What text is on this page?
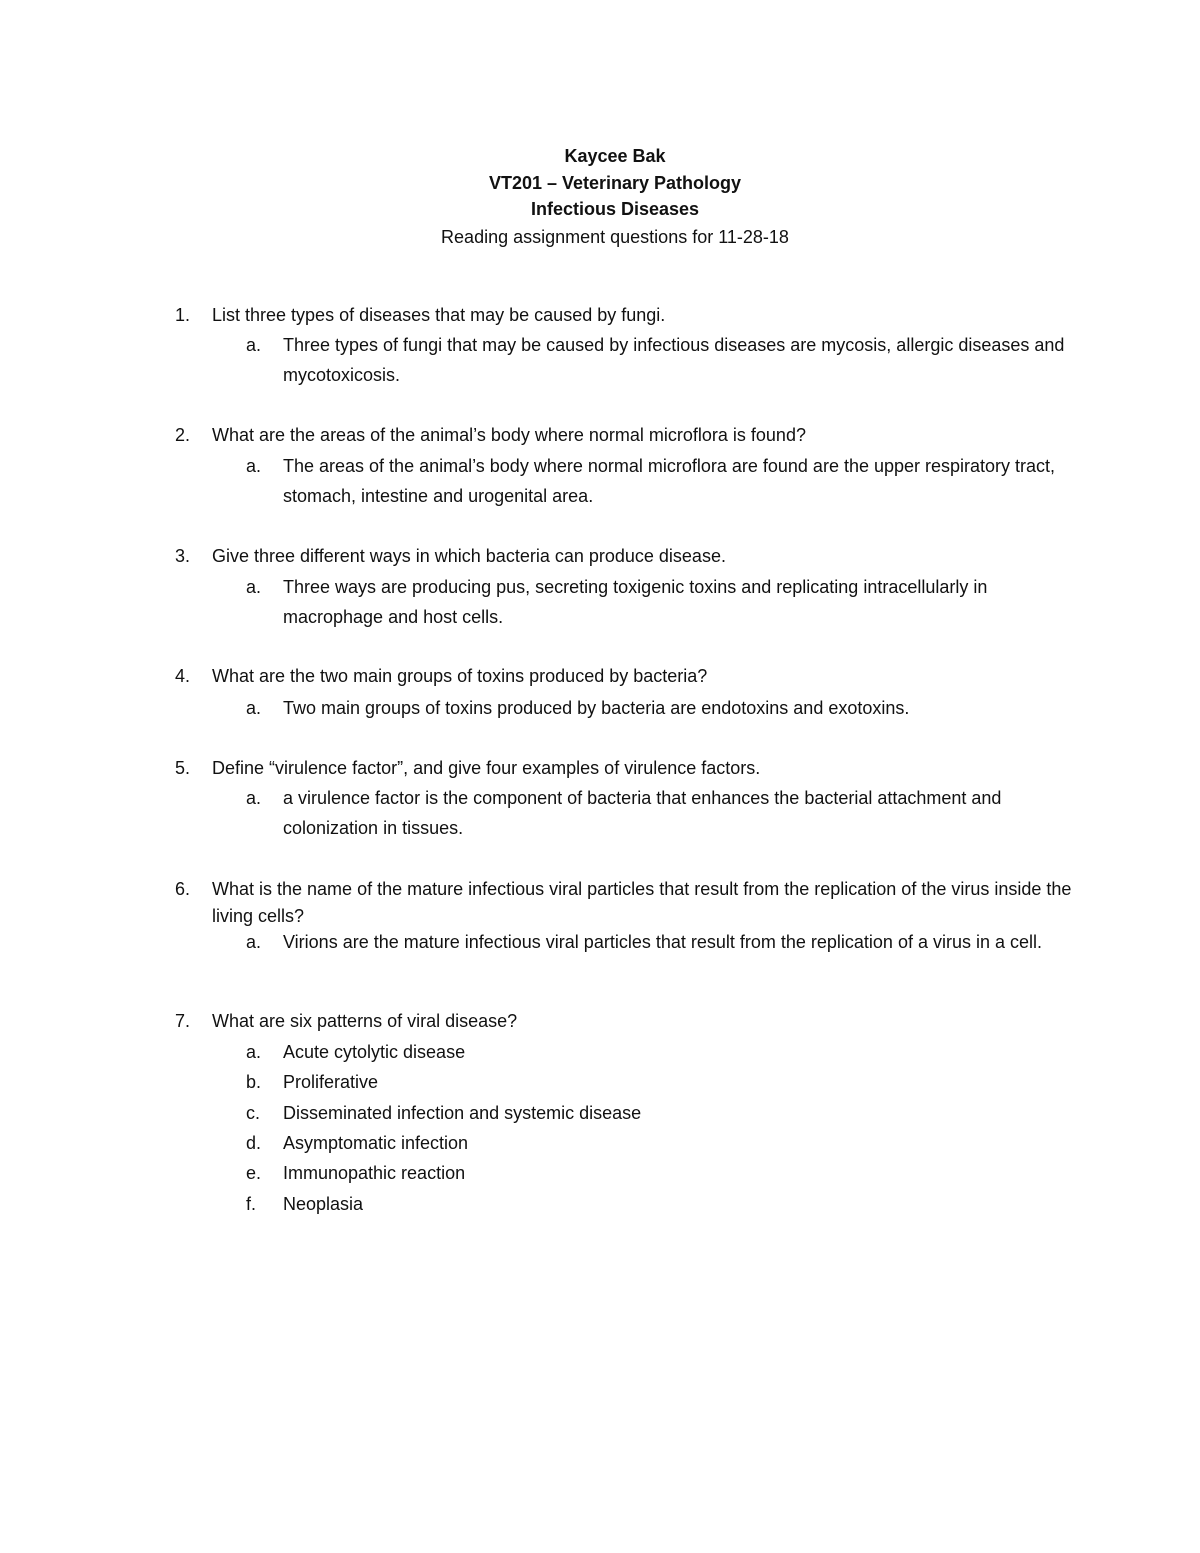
Kaycee Bak
VT201 – Veterinary Pathology
Infectious Diseases
Reading assignment questions for 11-28-18
1.	List three types of diseases that may be caused by fungi.
a.	Three types of fungi that may be caused by infectious diseases are mycosis, allergic diseases and mycotoxicosis.
2.	What are the areas of the animal’s body where normal microflora is found?
a.	The areas of the animal’s body where normal microflora are found are the upper respiratory tract, stomach, intestine and urogenital area.
3.	Give three different ways in which bacteria can produce disease.
a.	Three ways are producing pus, secreting toxigenic toxins and replicating intracellularly in macrophage and host cells.
4.	What are the two main groups of toxins produced by bacteria?
a.	Two main groups of toxins produced by bacteria are endotoxins and exotoxins.
5.	Define “virulence factor”, and give four examples of virulence factors.
a.	a virulence factor is the component of bacteria that enhances the bacterial attachment and colonization in tissues.
6.	What is the name of the mature infectious viral particles that result from the replication of the virus inside the living cells?
a.	Virions are the mature infectious viral particles that result from the replication of a virus in a cell.
7.	What are six patterns of viral disease?
a.	Acute cytolytic disease
b.	Proliferative
c.	Disseminated infection and systemic disease
d.	Asymptomatic infection
e.	Immunopathic reaction
f.	Neoplasia
